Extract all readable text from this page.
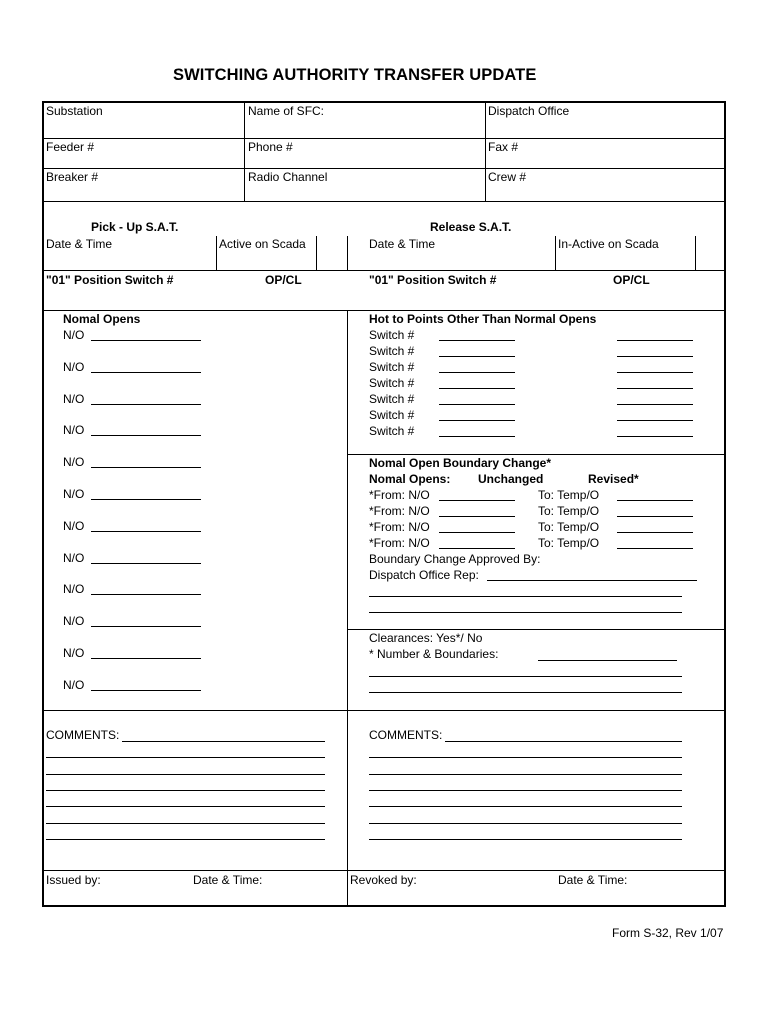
SWITCHING AUTHORITY TRANSFER UPDATE
Substation	Name of SFC:	Dispatch Office
Feeder #	Phone #	Fax #
Breaker #	Radio Channel	Crew #
Pick - Up S.A.T.	Release S.A.T.
Date & Time	Active on Scada	Date & Time	In-Active on Scada
"01" Position Switch #	OP/CL	"01" Position Switch #	OP/CL
Nomal Opens
N/O
N/O
N/O
N/O
N/O
N/O
N/O
N/O
N/O
N/O
N/O
N/O
Hot to Points Other Than Normal Opens
Switch #
Switch #
Switch #
Switch #
Switch #
Switch #
Switch #
Nomal Open Boundary Change*
Nomal Opens: Unchanged	Revised*
*From: N/O	To: Temp/O
*From: N/O	To: Temp/O
*From: N/O	To: Temp/O
*From: N/O	To: Temp/O
Boundary Change Approved By:
Dispatch Office Rep:
Clearances: Yes*/ No
* Number & Boundaries:
COMMENTS:	COMMENTS:
Issued by:	Date & Time:	Revoked by:	Date & Time:
Form S-32, Rev 1/07
